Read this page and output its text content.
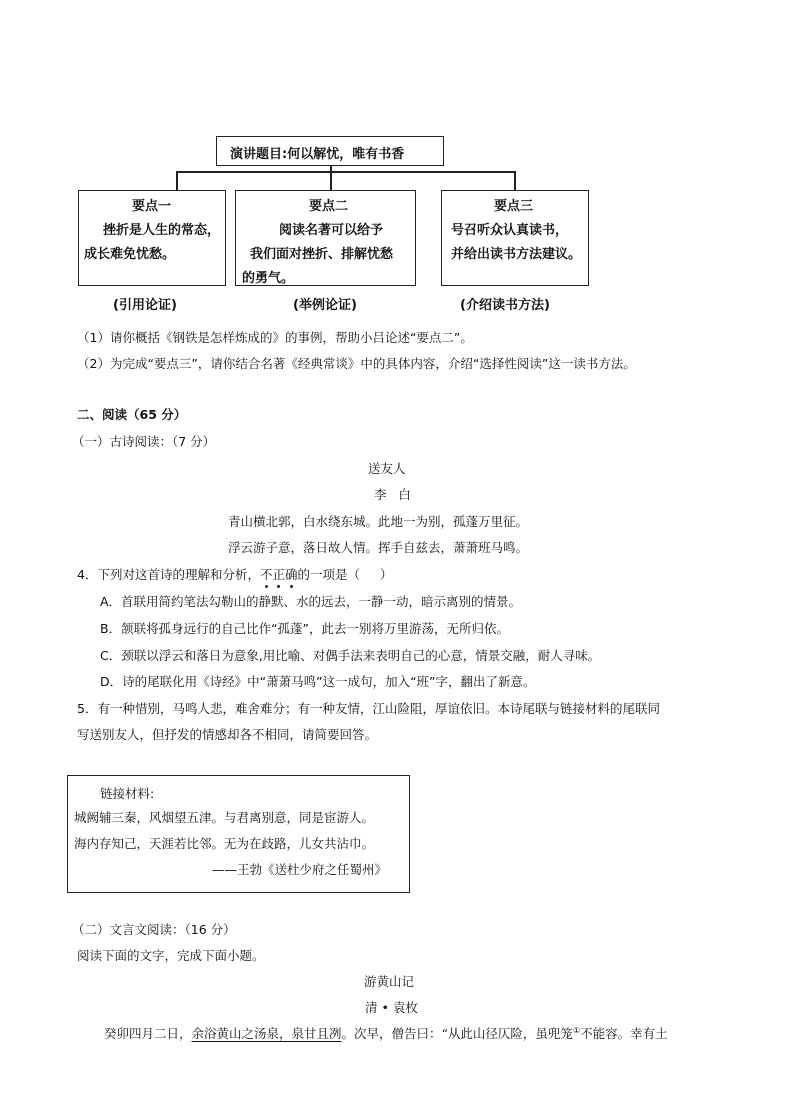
演讲题目:何以解忧，唯有书香
要点一
挫折是人生的常态，
成长难免忧愁。
要点二
阅读名著可以给予
我们面对挫折、排解忧愁
的勇气。
要点三
号召听众认真读书，
并给出读书方法建议。
(引用论证)	(举例论证)	(介绍读书方法)
（1）请你概括《钢铁是怎样炼成的》的事例，帮助小吕论述“要点二”。
（2）为完成“要点三”，请你结合名著《经典常谈》中的具体内容，介绍“选择性阅读”这一读书方法。
二、阅读（65 分）
（一）古诗阅读：（7 分）
送友人
李   白
青山横北郭，白水绕东城。此地一为别，孤蓬万里征。
浮云游子意，落日故人情。挥手自兹去，萧萧班马鸣。
4．下列对这首诗的理解和分析，不正确
的一项是（     ）
A．首联用简约笔法勾勒山的静默、水的远去，一静一动，暗示离别的情景。
B．颔联将孤身远行的自己比作“孤蓬”，此去一别将万里游荡，无所归依。
C．颈联以浮云和落日为意象,用比喻、对偶手法来表明自己的心意，情景交融，耐人寻味。
D．诗的尾联化用《诗经》中“萧萧马鸣”这一成句，加入“班”字，翻出了新意。
5．有一种惜别，马鸣人悲，难舍难分；有一种友情，江山险阻，厚谊依旧。本诗尾联与链接材料的尾联同
写送别友人，但抒发的情感却各不相同，请简要回答。
链接材料:
城阙辅三秦，风烟望五津。与君离别意，同是宦游人。
海内存知己，天涯若比邻。无为在歧路，儿女共沾巾。
——王勃《送杜少府之任蜀州》
（二）文言文阅读：（16 分）
阅读下面的文字，完成下面小题。
游黄山记
清 • 袁枚
癸卯四月二日，余浴黄山之汤泉，泉甘且冽。次早，僧告曰：“从此山径仄险，虽兜笼①不能容。幸有土
